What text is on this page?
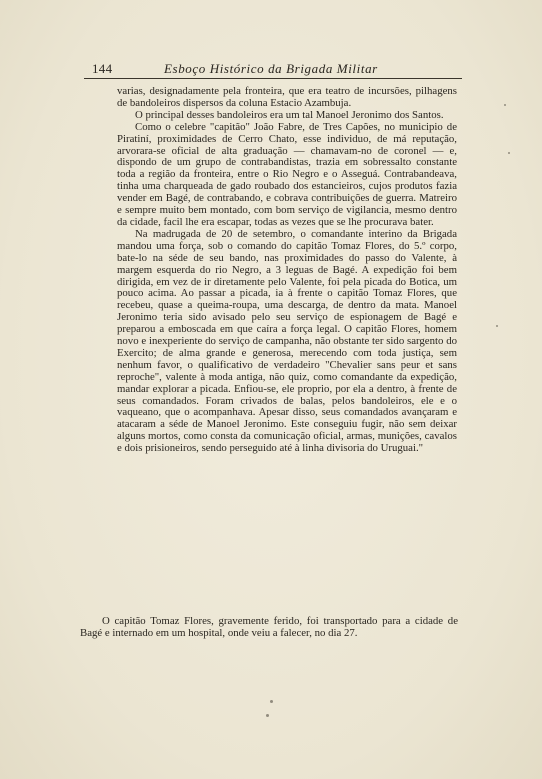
144	Esboço Histórico da Brigada Militar

varias, designadamente pela fronteira, que era teatro de incursões, pilhagens de bandoleiros dispersos da coluna Estacio Azambuja.

O principal desses bandoleiros era um tal Manoel Jeronimo dos Santos.

Como o celebre "capitão" João Fabre, de Tres Capões, no municipio de Piratiní, proximidades de Cerro Chato, esse individuo, de má reputação, arvorara-se oficial de alta graduação — chamavam-no de coronel — e, dispondo de um grupo de contrabandistas, trazia em sobressalto constante toda a região da fronteira, entre o Rio Negro e o Asseguá. Contrabandeava, tinha uma charqueada de gado roubado dos estancieiros, cujos produtos fazia vender em Bagé, de contrabando, e cobrava contribuições de guerra. Matreiro e sempre muito bem montado, com bom serviço de vigilancia, mesmo dentro da cidade, facil lhe era escapar, todas as vezes que se lhe procurava bater.

Na madrugada de 20 de setembro, o comandante interino da Brigada mandou uma força, sob o comando do capitão Tomaz Flores, do 5.º corpo, bate-lo na séde de seu bando, nas proximidades do passo do Valente, à margem esquerda do rio Negro, a 3 leguas de Bagé. A expedição foi bem dirigida, em vez de ir diretamente pelo Valente, foi pela picada do Botica, um pouco acima. Ao passar a picada, ia à frente o capitão Tomaz Flores, que recebeu, quase a queima-roupa, uma descarga, de dentro da mata. Manoel Jeronimo teria sido avisado pelo seu serviço de espionagem de Bagé e preparou a emboscada em que caíra a força legal. O capitão Flores, homem novo e inexperiente do serviço de campanha, não obstante ter sido sargento do Exercito; de alma grande e generosa, merecendo com toda justiça, sem nenhum favor, o qualificativo de verdadeiro "Chevalier sans peur et sans reproche", valente à moda antiga, não quiz, como comandante da expedição, mandar explorar a picada. Enfiou-se, ele proprio, por ela a dentro, à frente de seus comandados. Foram crivados de balas, pelos bandoleiros, ele e o vaqueano, que o acompanhava. Apesar disso, seus comandados avançaram e atacaram a séde de Manoel Jeronimo. Este conseguiu fugir, não sem deixar alguns mortos, como consta da comunicação oficial, armas, munições, cavalos e dois prisioneiros, sendo perseguido até à linha divisoria do Uruguai."

O capitão Tomaz Flores, gravemente ferido, foi transportado para a cidade de Bagé e internado em um hospital, onde veiu a falecer, no dia 27.
